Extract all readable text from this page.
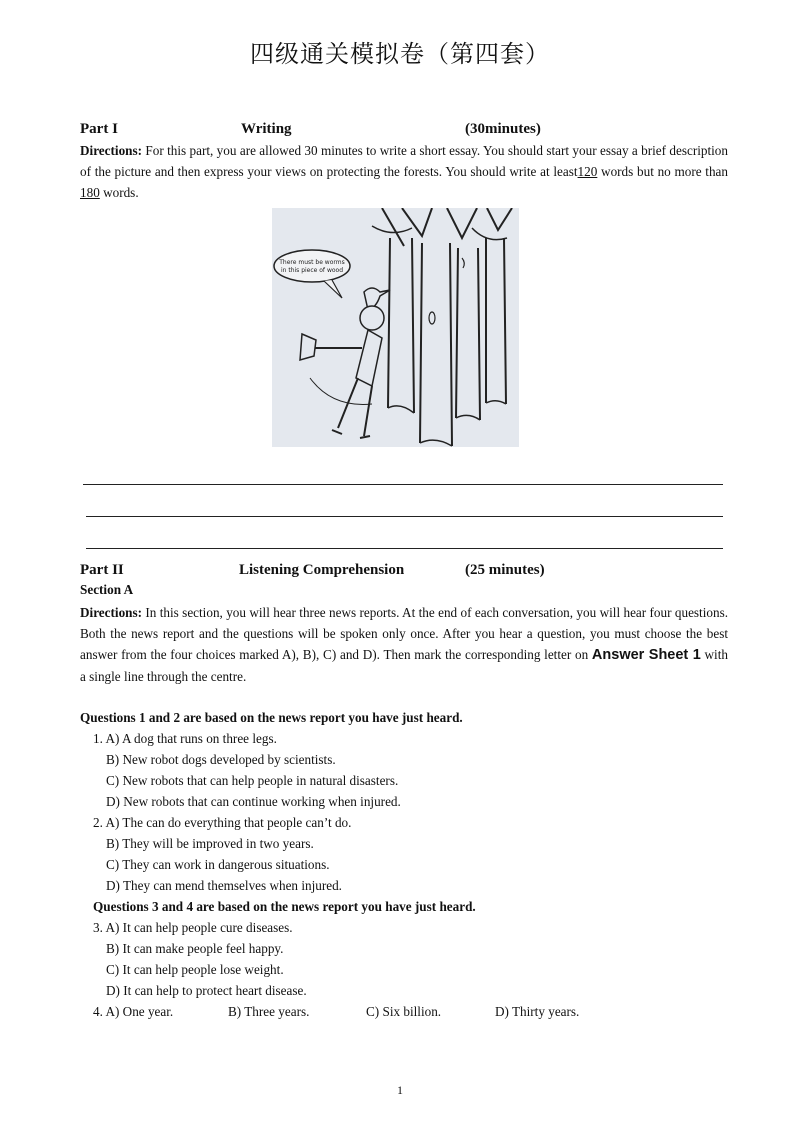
四级通关模拟卷（第四套）
Part I	Writing	(30minutes)
Directions: For this part, you are allowed 30 minutes to write a short essay. You should start your essay a brief description of the picture and then express your views on protecting the forests. You should write at least120 words but no more than 180 words.
There must be worms
in this piece of wood
Part II	Listening Comprehension	(25 minutes)
Section A
Directions: In this section, you will hear three news reports. At the end of each conversation, you will hear four questions. Both the news report and the questions will be spoken only once. After you hear a question, you must choose the best answer from the four choices marked A), B), C) and D). Then mark the corresponding letter on Answer Sheet 1 with a single line through the centre.
Questions 1 and 2 are based on the news report you have just heard.
1. A) A dog that runs on three legs.
B) New robot dogs developed by scientists.
C) New robots that can help people in natural disasters.
D) New robots that can continue working when injured.
2. A) The can do everything that people can’t do.
B) They will be improved in two years.
C) They can work in dangerous situations.
D) They can mend themselves when injured.
Questions 3 and 4 are based on the news report you have just heard.
3. A) It can help people cure diseases.
B) It can make people feel happy.
C) It can help people lose weight.
D) It can help to protect heart disease.
4. A) One year.	B) Three years.	C) Six billion.	D) Thirty years.
1
